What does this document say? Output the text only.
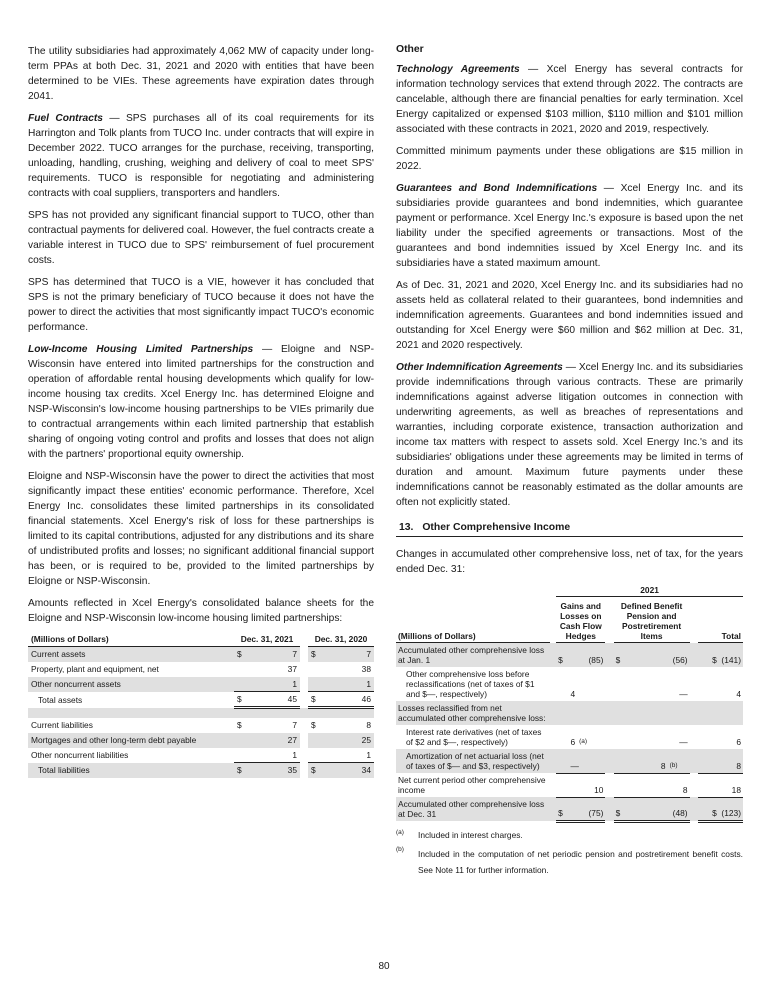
The utility subsidiaries had approximately 4,062 MW of capacity under long-term PPAs at both Dec. 31, 2021 and 2020 with entities that have been determined to be VIEs. These agreements have expiration dates through 2041.

Fuel Contracts — SPS purchases all of its coal requirements for its Harrington and Tolk plants from TUCO Inc. under contracts that will expire in December 2022. TUCO arranges for the purchase, receiving, transporting, unloading, handling, crushing, weighing and delivery of coal to meet SPS' requirements. TUCO is responsible for negotiating and administering contracts with coal suppliers, transporters and handlers.

SPS has not provided any significant financial support to TUCO, other than contractual payments for delivered coal. However, the fuel contracts create a variable interest in TUCO due to SPS' reimbursement of fuel procurement costs.

SPS has determined that TUCO is a VIE, however it has concluded that SPS is not the primary beneficiary of TUCO because it does not have the power to direct the activities that most significantly impact TUCO's economic performance.

Low-Income Housing Limited Partnerships — Eloigne and NSP-Wisconsin have entered into limited partnerships for the construction and operation of affordable rental housing developments which qualify for low-income housing tax credits. Xcel Energy Inc. has determined Eloigne and NSP-Wisconsin's low-income housing partnerships to be VIEs primarily due to contractual arrangements within each limited partnership that establish sharing of ongoing voting control and profits and losses that does not align with the partners' proportional equity ownership.

Eloigne and NSP-Wisconsin have the power to direct the activities that most significantly impact these entities' economic performance. Therefore, Xcel Energy Inc. consolidates these limited partnerships in its consolidated financial statements. Xcel Energy's risk of loss for these partnerships is limited to its capital contributions, adjusted for any distributions and its share of undistributed profits and losses; no significant additional financial support has been, or is required to be, provided to the limited partnerships by Eloigne or NSP-Wisconsin.

Amounts reflected in Xcel Energy's consolidated balance sheets for the Eloigne and NSP-Wisconsin low-income housing limited partnerships:

(Millions of Dollars)	Dec. 31, 2021			Dec. 31, 2020	
Current assets	$	7		$	7
Property, plant and equipment, net		37			38
Other noncurrent assets		1			1
Total assets	$	45		$	46

Current liabilities	$	7		$	8
Mortgages and other long-term debt payable		27			25
Other noncurrent liabilities		1			1
Total liabilities	$	35		$	34
Other

Technology Agreements — Xcel Energy has several contracts for information technology services that extend through 2022. The contracts are cancelable, although there are financial penalties for early termination. Xcel Energy capitalized or expensed $103 million, $110 million and $101 million associated with these contracts in 2021, 2020 and 2019, respectively.

Committed minimum payments under these obligations are $15 million in 2022.

Guarantees and Bond Indemnifications — Xcel Energy Inc. and its subsidiaries provide guarantees and bond indemnities, which guarantee payment or performance. Xcel Energy Inc.'s exposure is based upon the net liability under the specified agreements or transactions. Most of the guarantees and bond indemnities issued by Xcel Energy Inc. and its subsidiaries have a stated maximum amount.

As of Dec. 31, 2021 and 2020, Xcel Energy Inc. and its subsidiaries had no assets held as collateral related to their guarantees, bond indemnities and indemnification agreements. Guarantees and bond indemnities issued and outstanding for Xcel Energy were $60 million and $62 million at Dec. 31, 2021 and 2020 respectively.

Other Indemnification Agreements — Xcel Energy Inc. and its subsidiaries provide indemnifications through various contracts. These are primarily indemnifications against adverse litigation outcomes in connection with underwriting agreements, as well as breaches of representations and warranties, including corporate existence, transaction authorization and income tax matters with respect to assets sold. Xcel Energy Inc.'s and its subsidiaries' obligations under these agreements may be limited in terms of duration and amount. Maximum future payments under these indemnifications cannot be reasonably estimated as the dollar amounts are often not explicitly stated.

13. Other Comprehensive Income

Changes in accumulated other comprehensive loss, net of tax, for the years ended Dec. 31:

		2021						
(Millions of Dollars)		Gains and Losses on Cash Flow Hedges			Defined Benefit Pension and Postretirement Items			Total
Accumulated other comprehensive loss at Jan. 1		$	(85)		$	(56)		$  (141)
Other comprehensive loss before reclassifications (net of taxes of $1 and $—, respectively)			4			—		4
Losses reclassified from net accumulated other comprehensive loss:								
Interest rate derivatives (net of taxes of $2 and $—, respectively)			6 (a)			—		6
Amortization of net actuarial loss (net of taxes of $— and $3, respectively)			—			8 (b)		8
Net current period other comprehensive income			10			8		18
Accumulated other comprehensive loss at Dec. 31		$	(75)		$	(48)		$  (123)
(a)	Included in interest charges.
(b)	Included in the computation of net periodic pension and postretirement benefit costs. See Note 11 for further information.
80
